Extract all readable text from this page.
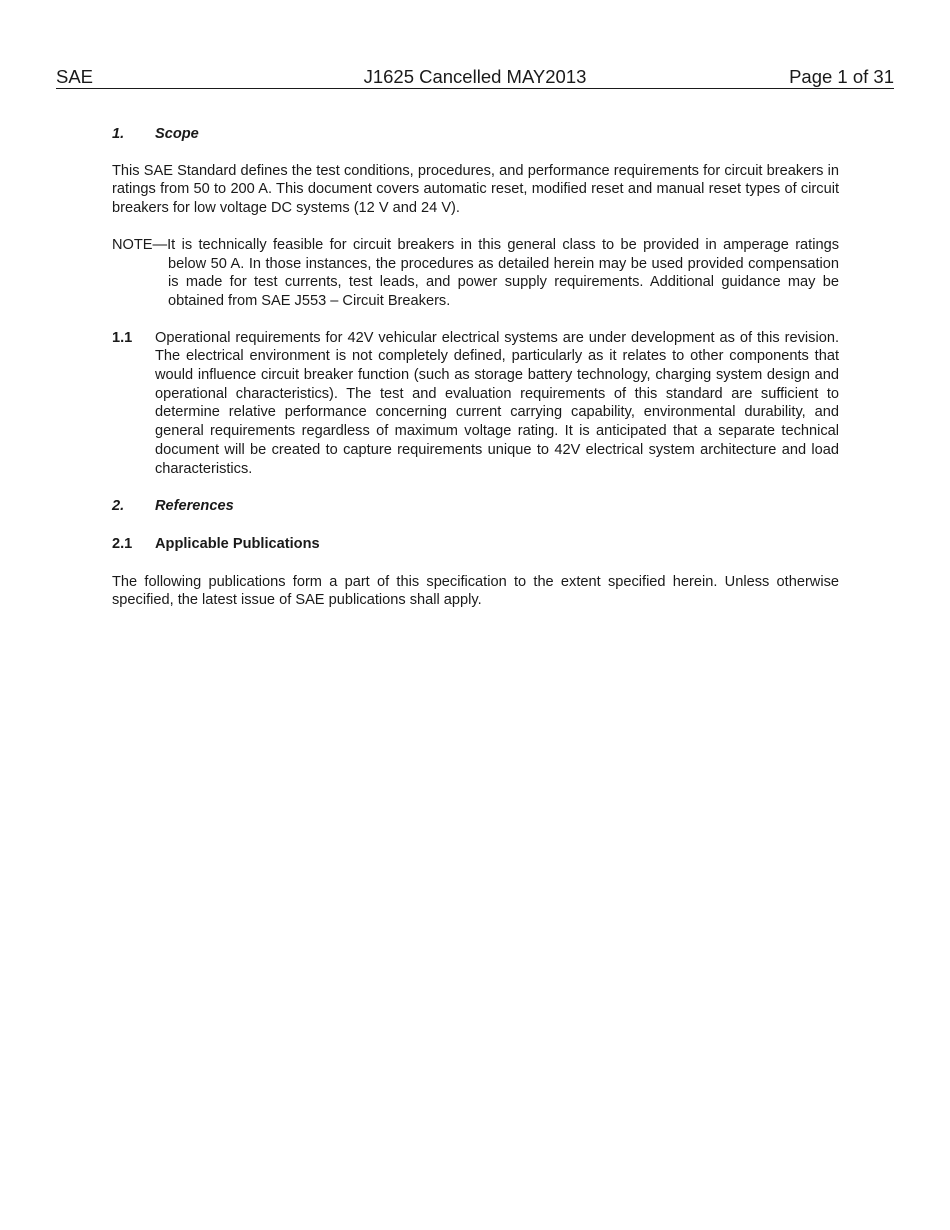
SAE	J1625 Cancelled MAY2013	Page 1 of 31
1.	Scope

This SAE Standard defines the test conditions, procedures, and performance requirements for circuit breakers in ratings from 50 to 200 A. This document covers automatic reset, modified reset and manual reset types of circuit breakers for low voltage DC systems (12 V and 24 V).

NOTE—It is technically feasible for circuit breakers in this general class to be provided in amperage ratings below 50 A. In those instances, the procedures as detailed herein may be used provided compensation is made for test currents, test leads, and power supply requirements. Additional guidance may be obtained from SAE J553 – Circuit Breakers.

1.1	Operational requirements for 42V vehicular electrical systems are under development as of this revision. The electrical environment is not completely defined, particularly as it relates to other components that would influence circuit breaker function (such as storage battery technology, charging system design and operational characteristics). The test and evaluation requirements of this standard are sufficient to determine relative performance concerning current carrying capability, environmental durability, and general requirements regardless of maximum voltage rating. It is anticipated that a separate technical document will be created to capture requirements unique to 42V electrical system architecture and load characteristics.
2.	References
2.1	Applicable Publications

The following publications form a part of this specification to the extent specified herein. Unless otherwise specified, the latest issue of SAE publications shall apply.
